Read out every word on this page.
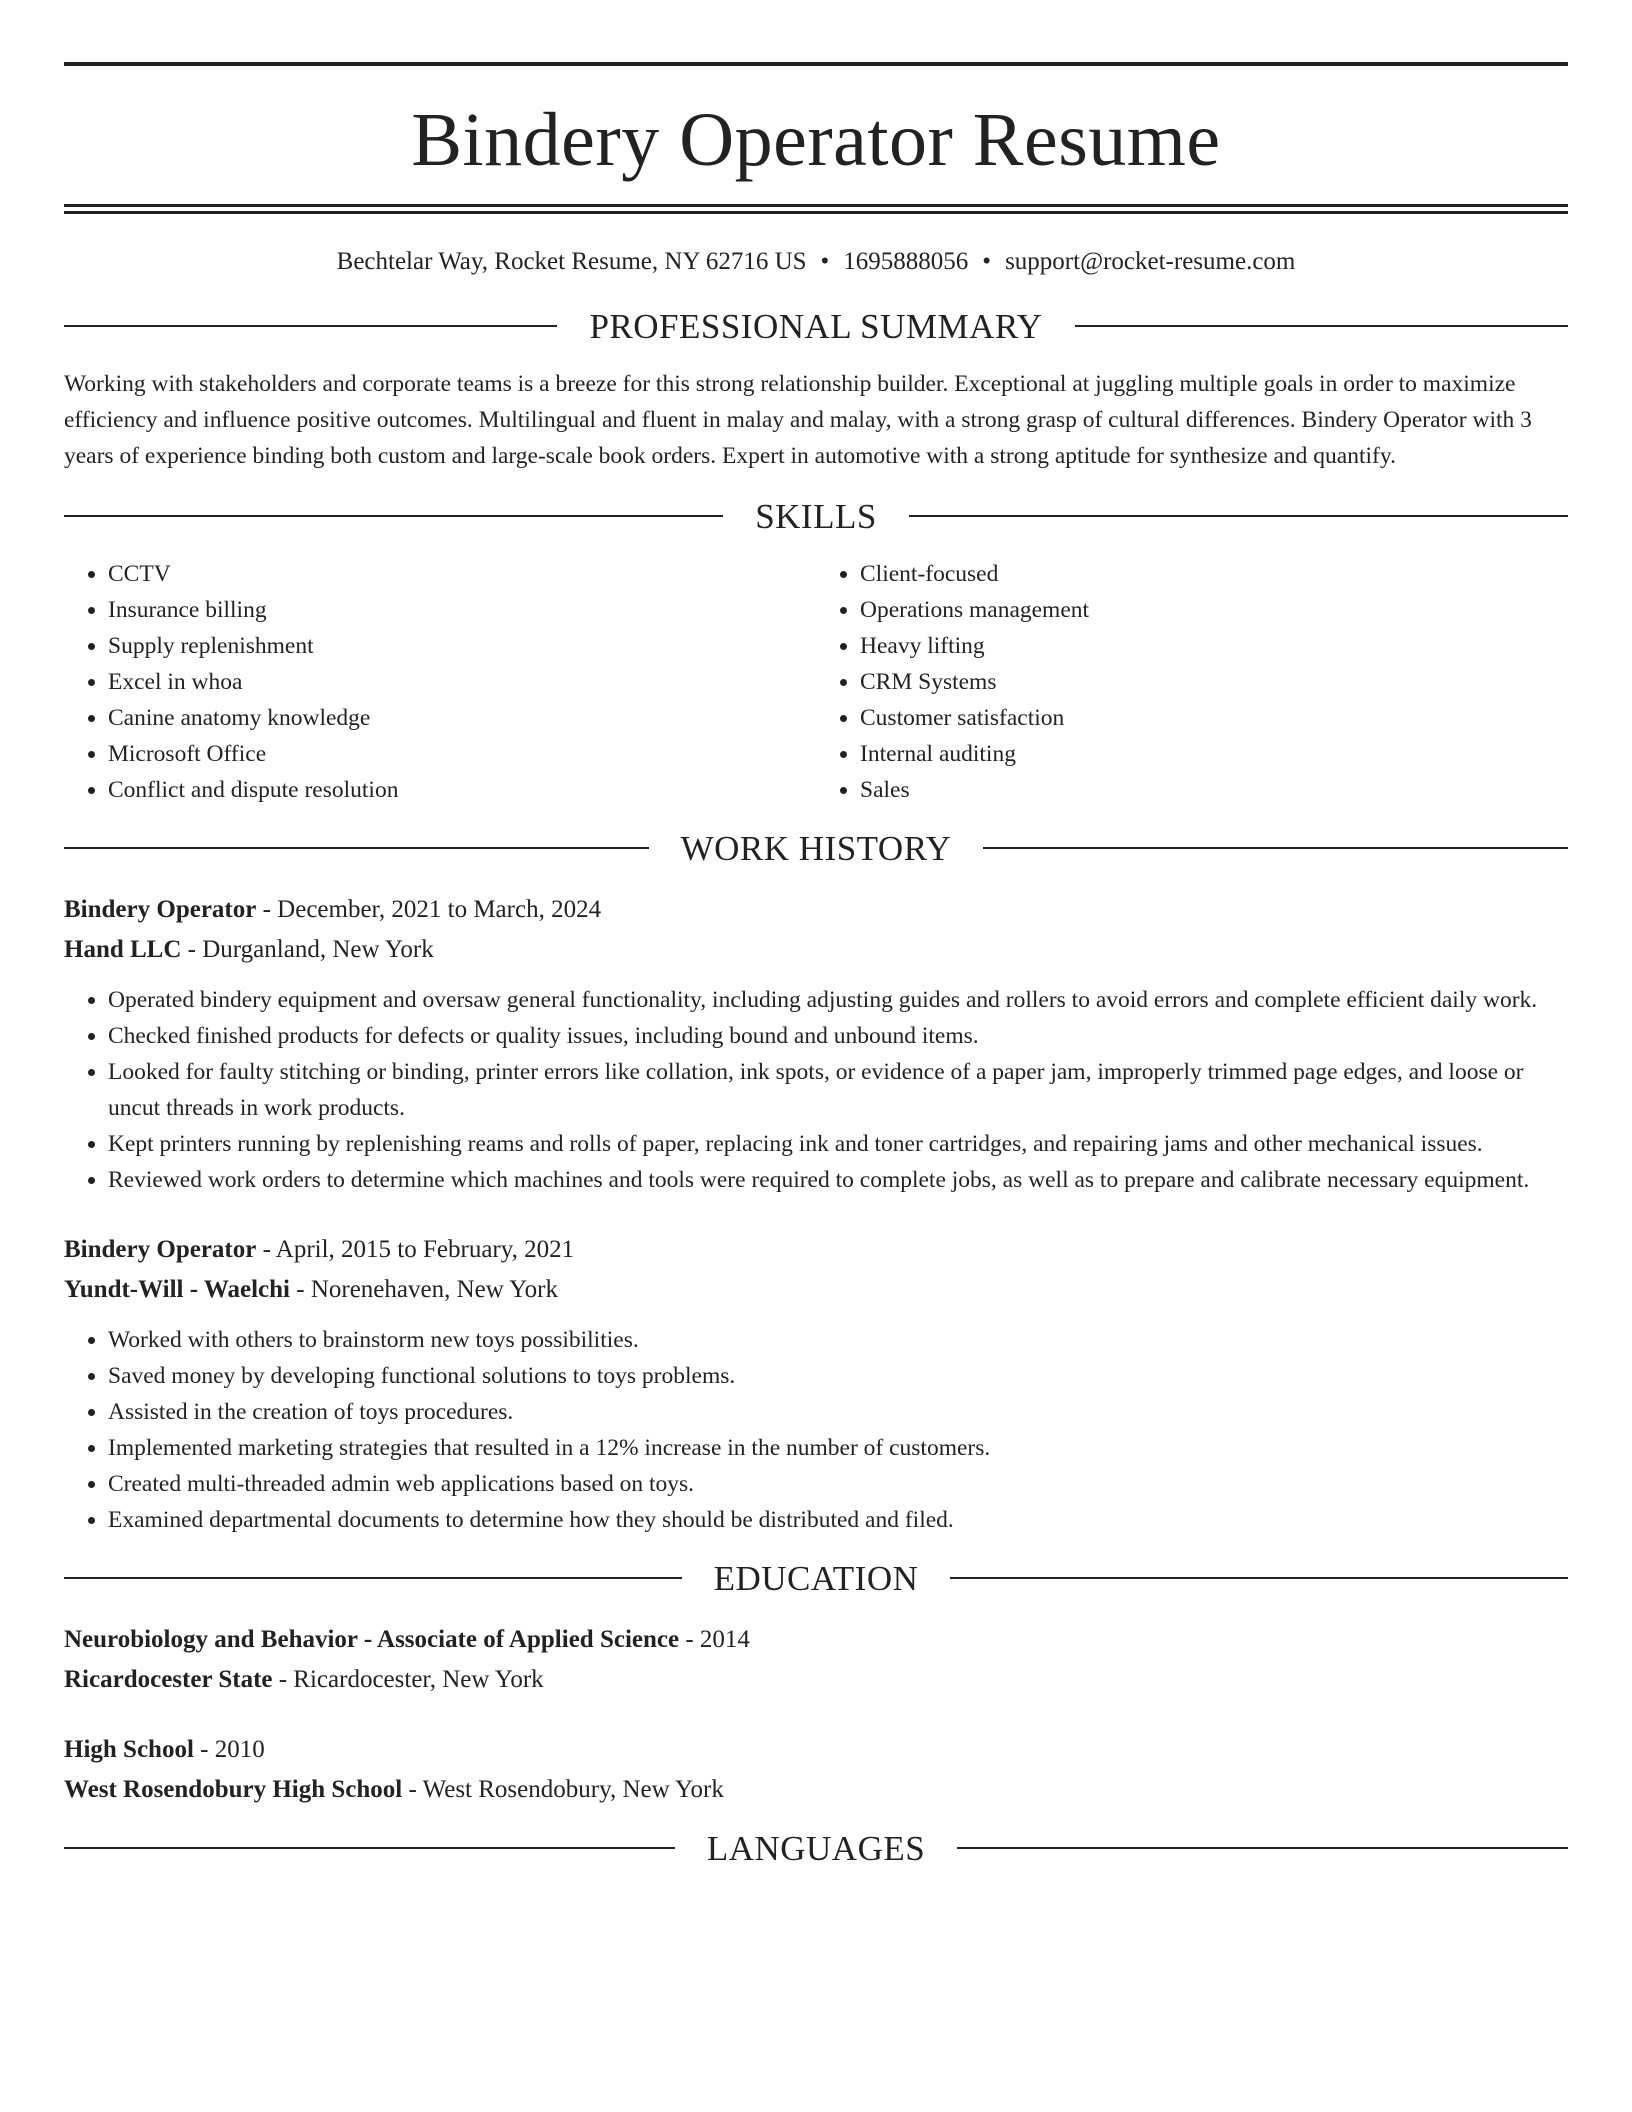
Bindery Operator Resume
Bechtelar Way, Rocket Resume, NY 62716 US • 1695888056 • support@rocket-resume.com
PROFESSIONAL SUMMARY
Working with stakeholders and corporate teams is a breeze for this strong relationship builder. Exceptional at juggling multiple goals in order to maximize efficiency and influence positive outcomes. Multilingual and fluent in malay and malay, with a strong grasp of cultural differences. Bindery Operator with 3 years of experience binding both custom and large-scale book orders. Expert in automotive with a strong aptitude for synthesize and quantify.
SKILLS
• CCTV
• Insurance billing
• Supply replenishment
• Excel in whoa
• Canine anatomy knowledge
• Microsoft Office
• Conflict and dispute resolution
• Client-focused
• Operations management
• Heavy lifting
• CRM Systems
• Customer satisfaction
• Internal auditing
• Sales
WORK HISTORY
Bindery Operator - December, 2021 to March, 2024
Hand LLC - Durganland, New York
• Operated bindery equipment and oversaw general functionality, including adjusting guides and rollers to avoid errors and complete efficient daily work.
• Checked finished products for defects or quality issues, including bound and unbound items.
• Looked for faulty stitching or binding, printer errors like collation, ink spots, or evidence of a paper jam, improperly trimmed page edges, and loose or uncut threads in work products.
• Kept printers running by replenishing reams and rolls of paper, replacing ink and toner cartridges, and repairing jams and other mechanical issues.
• Reviewed work orders to determine which machines and tools were required to complete jobs, as well as to prepare and calibrate necessary equipment.
Bindery Operator - April, 2015 to February, 2021
Yundt-Will - Waelchi - Norenehaven, New York
• Worked with others to brainstorm new toys possibilities.
• Saved money by developing functional solutions to toys problems.
• Assisted in the creation of toys procedures.
• Implemented marketing strategies that resulted in a 12% increase in the number of customers.
• Created multi-threaded admin web applications based on toys.
• Examined departmental documents to determine how they should be distributed and filed.
EDUCATION
Neurobiology and Behavior - Associate of Applied Science - 2014
Ricardocester State - Ricardocester, New York
High School - 2010
West Rosendobury High School - West Rosendobury, New York
LANGUAGES
